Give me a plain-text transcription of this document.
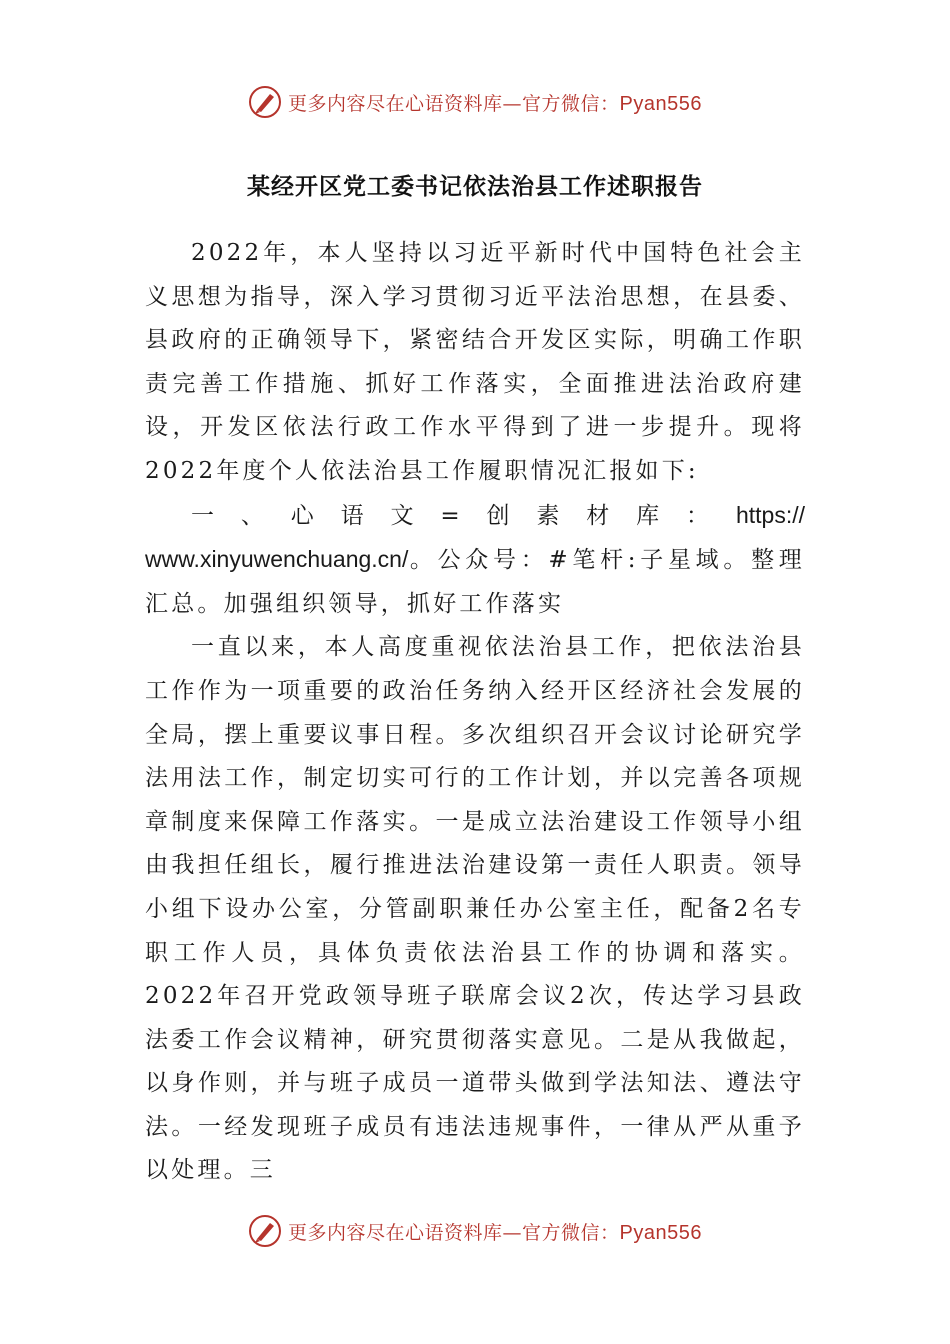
更多内容尽在心语资料库—官方微信：Pyan556
某经开区党工委书记依法治县工作述职报告

2022年，本人坚持以习近平新时代中国特色社会主义思想为指导，深入学习贯彻习近平法治思想，在县委、县政府的正确领导下，紧密结合开发区实际，明确工作职责完善工作措施、抓好工作落实，全面推进法治政府建设，开发区依法行政工作水平得到了进一步提升。现将2022年度个人依法治县工作履职情况汇报如下:

一、心语文=创素材库：https:// www.xinyuwenchuang.cn/。公众号：#笔杆:子星域。整理汇总。加强组织领导，抓好工作落实

一直以来，本人高度重视依法治县工作，把依法治县工作作为一项重要的政治任务纳入经开区经济社会发展的全局，摆上重要议事日程。多次组织召开会议讨论研究学法用法工作，制定切实可行的工作计划，并以完善各项规章制度来保障工作落实。一是成立法治建设工作领导小组由我担任组长，履行推进法治建设第一责任人职责。领导小组下设办公室，分管副职兼任办公室主任，配备2名专职工作人员，具体负责依法治县工作的协调和落实。2022年召开党政领导班子联席会议2次，传达学习县政法委工作会议精神，研究贯彻落实意见。二是从我做起，以身作则，并与班子成员一道带头做到学法知法、遵法守法。一经发现班子成员有违法违规事件，一律从严从重予以处理。三

更多内容尽在心语资料库—官方微信：Pyan556
